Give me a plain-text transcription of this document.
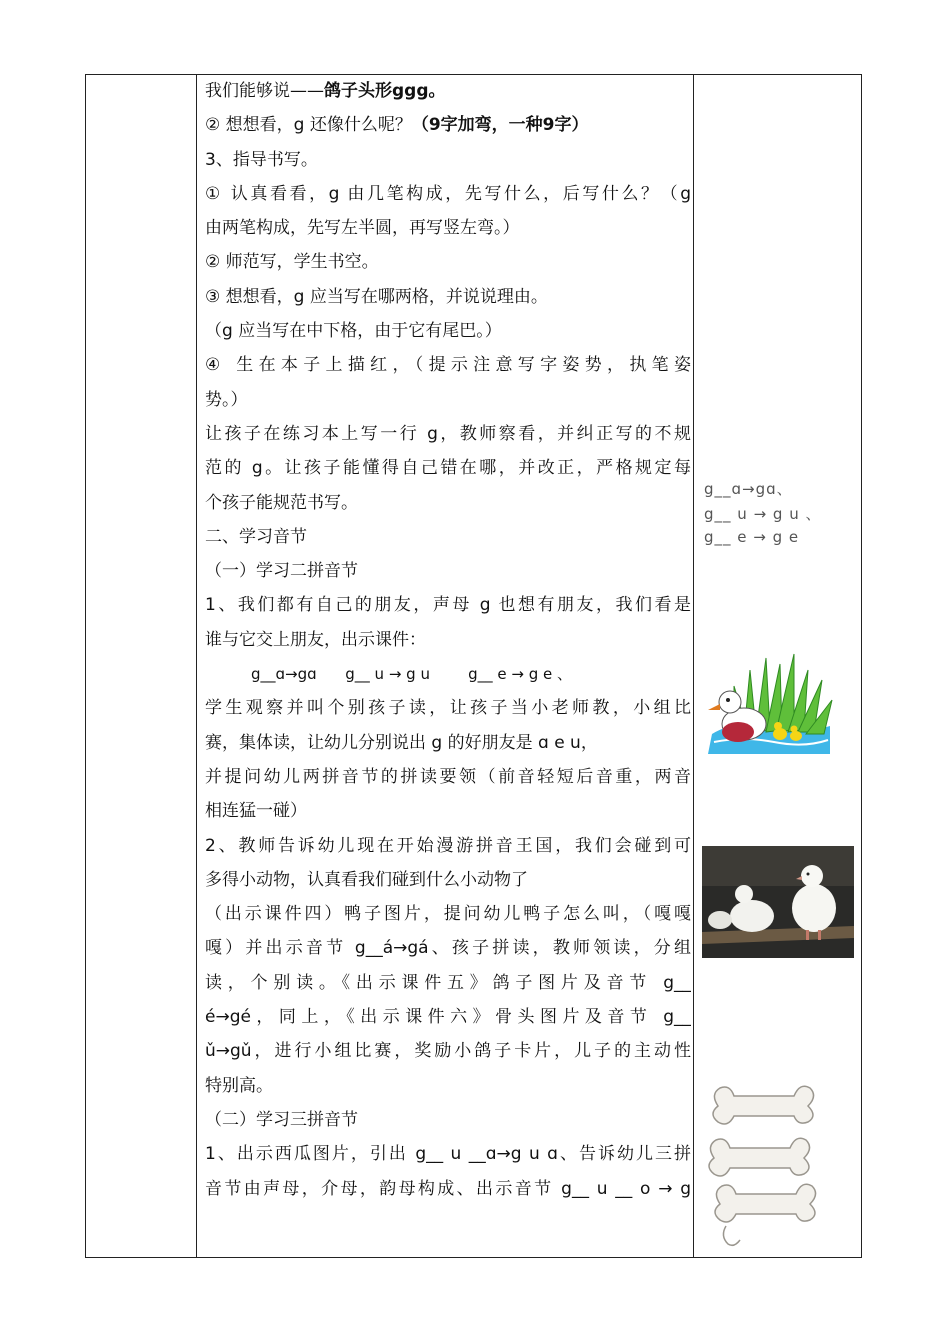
我们能够说——鸽子头形ggg。
② 想想看，g 还像什么呢？（9字加弯，一种9字）
3、指导书写。
① 认真看看，g 由几笔构成，先写什么，后写什么？（g
由两笔构成，先写左半圆，再写竖左弯。）
② 师范写，学生书空。
③ 想想看，g 应当写在哪两格，并说说理由。
（g 应当写在中下格，由于它有尾巴。）
④ 生在本子上描红，（提示注意写字姿势，执笔姿
势。）
让孩子在练习本上写一行 g，教师察看，并纠正写的不规
范的 g。让孩子能懂得自己错在哪，并改正，严格规定每
个孩子能规范书写。
二、学习音节
（一）学习二拼音节
1、我们都有自己的朋友，声母 g 也想有朋友，我们看是
谁与它交上朋友，出示课件：
g__ɑ→gɑ      g__ u → g u        g__ e → g e 、
学生观察并叫个别孩子读，让孩子当小老师教，小组比
赛，集体读，让幼儿分别说出 g 的好朋友是 ɑ e u，
并提问幼儿两拼音节的拼读要领（前音轻短后音重，两音
相连猛一碰）
2、教师告诉幼儿现在开始漫游拼音王国，我们会碰到可
多得小动物，认真看我们碰到什么小动物了
（出示课件四）鸭子图片，提问幼儿鸭子怎么叫，（嘎嘎
嘎）并出示音节 g__á→gá、孩子拼读，教师领读，分组
读，个别读。《出示课件五》鸽子图片及音节 g__
é→gé，同上，《出示课件六》骨头图片及音节 g__
ǔ→gǔ，进行小组比赛，奖励小鸽子卡片，儿子的主动性
特别高。
（二）学习三拼音节
1、出示西瓜图片，引出 g__ u __ɑ→g u ɑ、告诉幼儿三拼
音节由声母，介母，韵母构成、出示音节 g__ u __ o → g
g__ɑ→gɑ、
g__ u → g u 、
g__ e → g e
